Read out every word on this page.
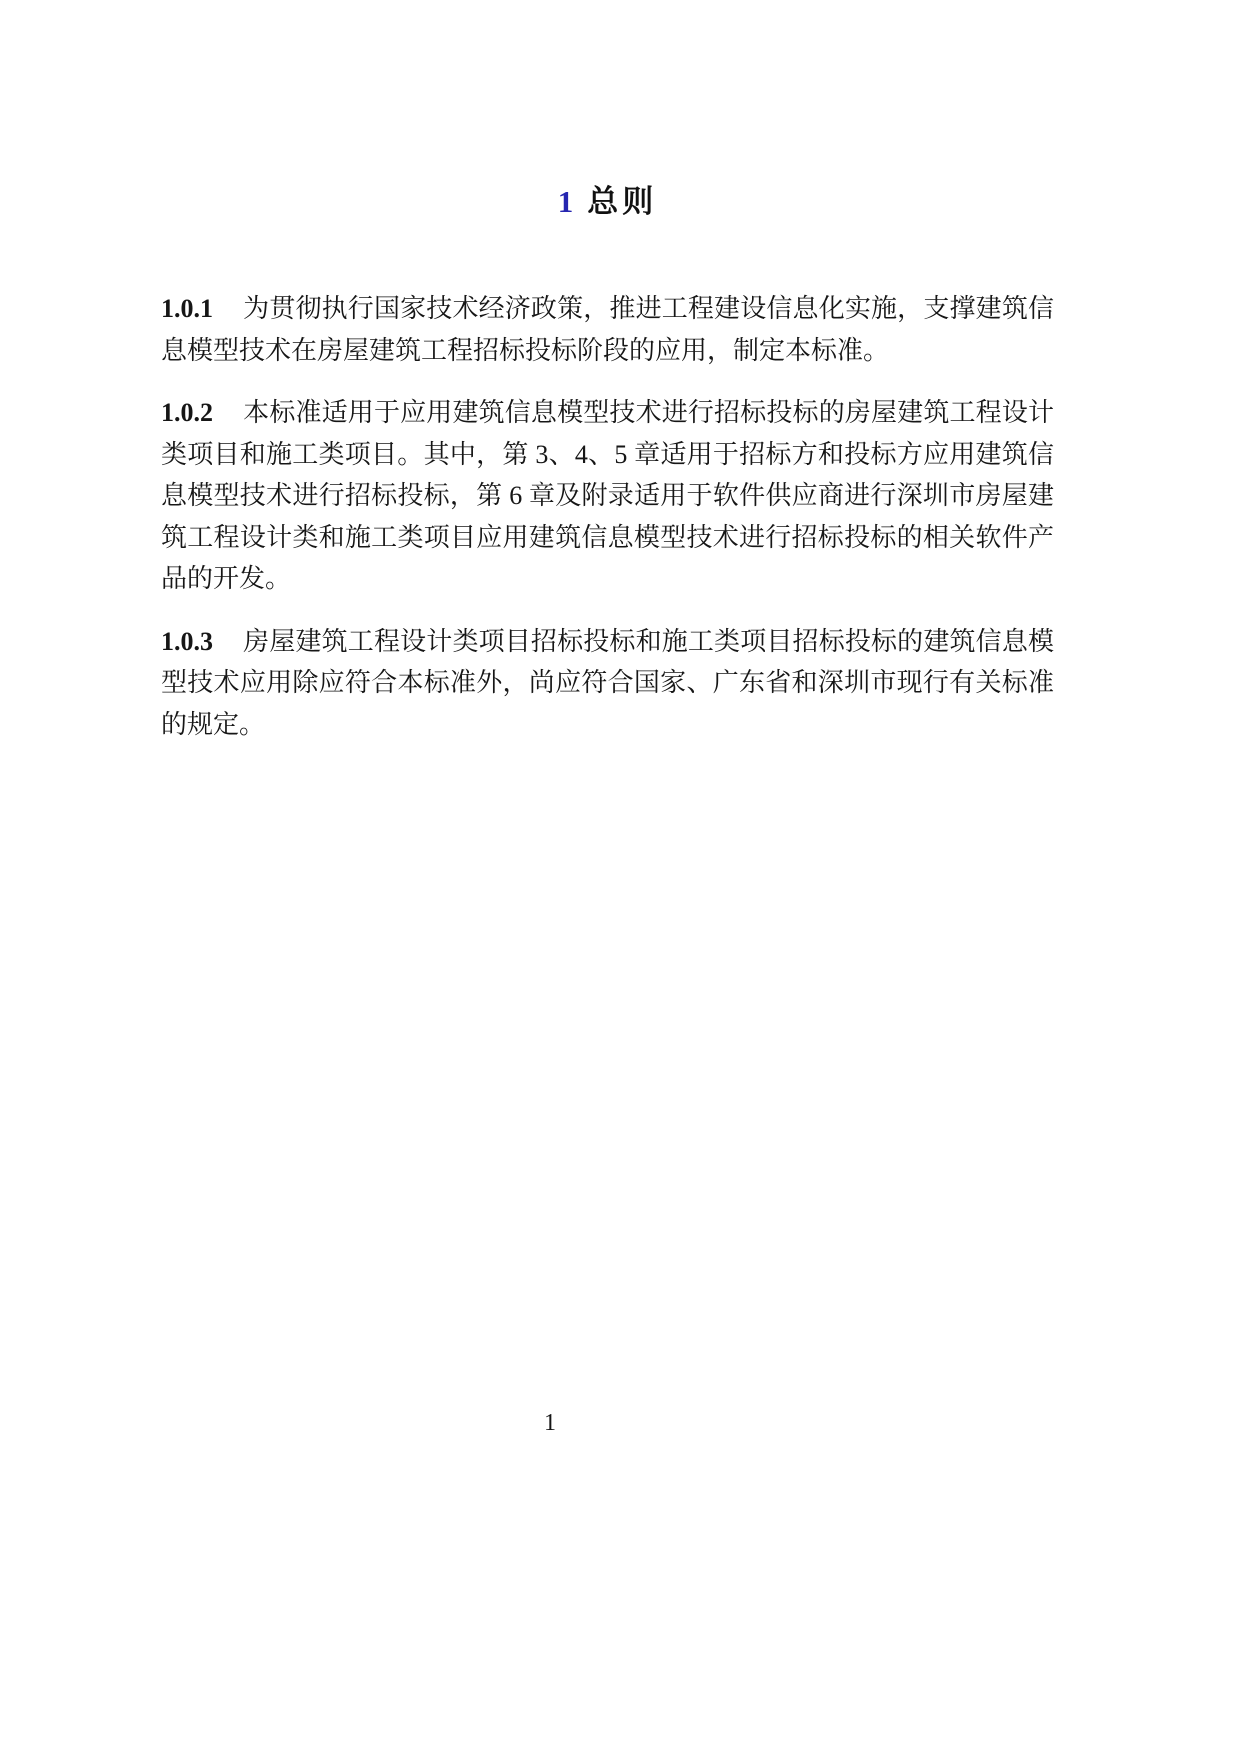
1 总则

1.0.1 为贯彻执行国家技术经济政策，推进工程建设信息化实施，支撑建筑信息模型技术在房屋建筑工程招标投标阶段的应用，制定本标准。

1.0.2 本标准适用于应用建筑信息模型技术进行招标投标的房屋建筑工程设计类项目和施工类项目。其中，第 3、4、5 章适用于招标方和投标方应用建筑信息模型技术进行招标投标，第 6 章及附录适用于软件供应商进行深圳市房屋建筑工程设计类和施工类项目应用建筑信息模型技术进行招标投标的相关软件产品的开发。

1.0.3 房屋建筑工程设计类项目招标投标和施工类项目招标投标的建筑信息模型技术应用除应符合本标准外，尚应符合国家、广东省和深圳市现行有关标准的规定。

1
